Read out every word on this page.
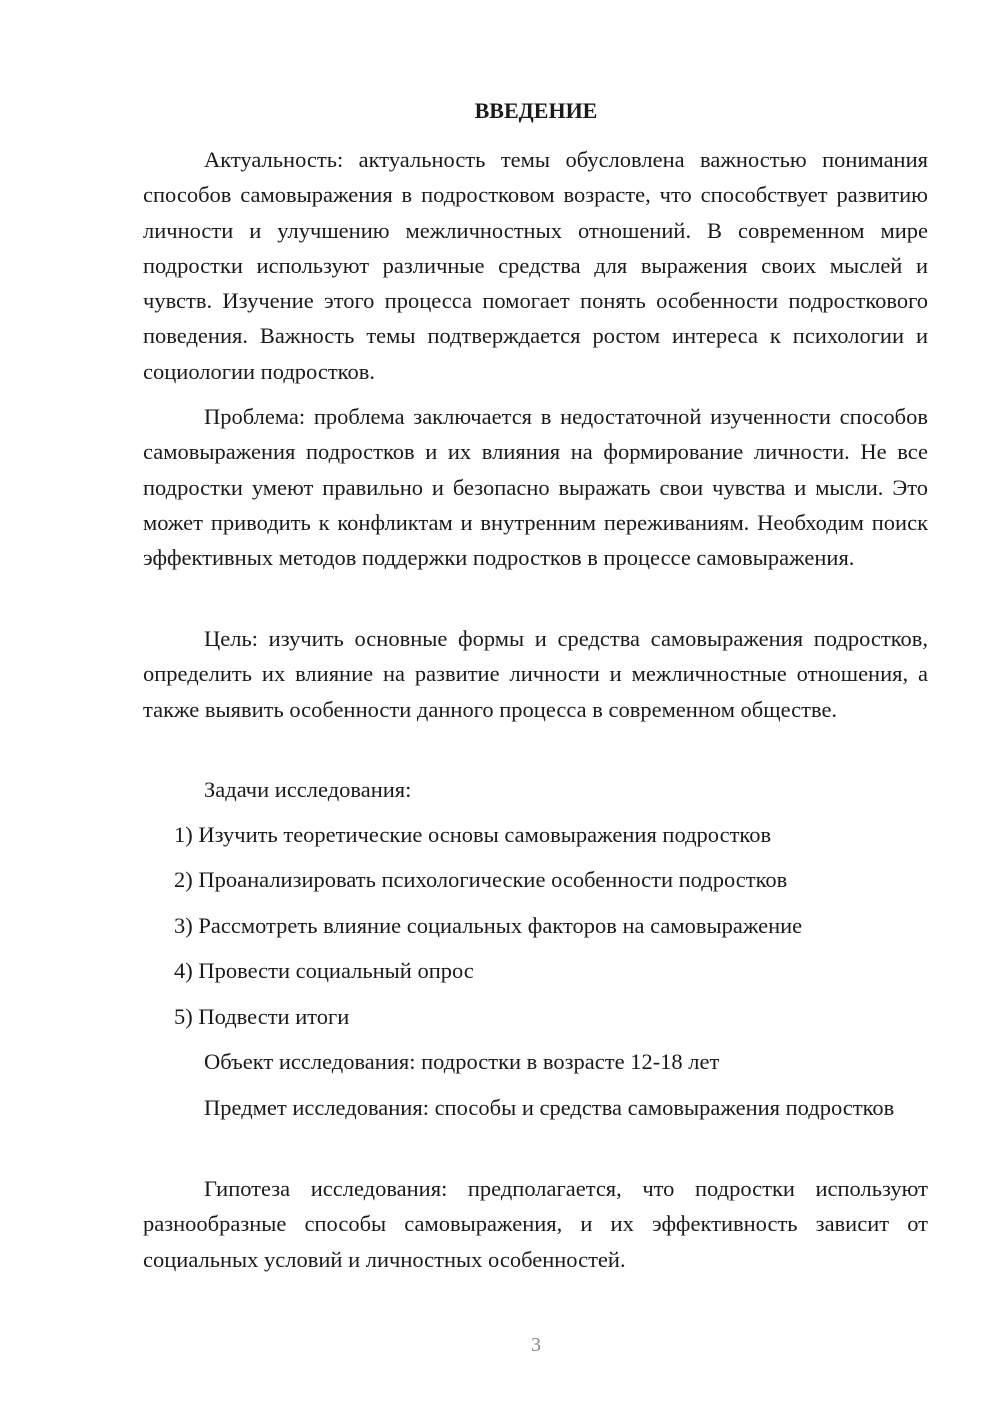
ВВЕДЕНИЕ

Актуальность: актуальность темы обусловлена важностью понимания способов самовыражения в подростковом возрасте, что способствует развитию личности и улучшению межличностных отношений. В современном мире подростки используют различные средства для выражения своих мыслей и чувств. Изучение этого процесса помогает понять особенности подросткового поведения. Важность темы подтверждается ростом интереса к психологии и социологии подростков.

Проблема: проблема заключается в недостаточной изученности способов самовыражения подростков и их влияния на формирование личности. Не все подростки умеют правильно и безопасно выражать свои чувства и мысли. Это может приводить к конфликтам и внутренним переживаниям. Необходим поиск эффективных методов поддержки подростков в процессе самовыражения.

Цель: изучить основные формы и средства самовыражения подростков, определить их влияние на развитие личности и межличностные отношения, а также выявить особенности данного процесса в современном обществе.

Задачи исследования:

1) Изучить теоретические основы самовыражения подростков

2) Проанализировать психологические особенности подростков

3) Рассмотреть влияние социальных факторов на самовыражение

4) Провести социальный опрос

5) Подвести итоги

Объект исследования: подростки в возрасте 12-18 лет

Предмет исследования: способы и средства самовыражения подростков

Гипотеза исследования: предполагается, что подростки используют разнообразные способы самовыражения, и их эффективность зависит от социальных условий и личностных особенностей.

3
